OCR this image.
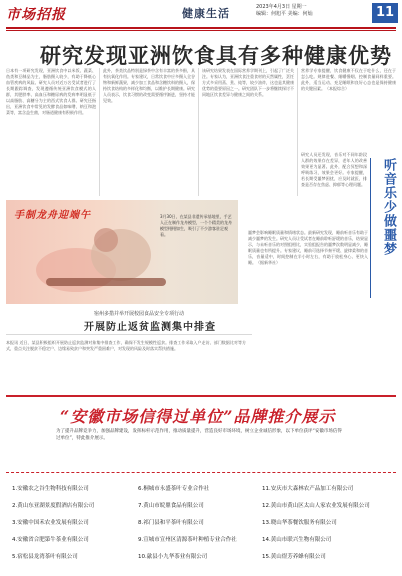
市场招报	健康生活	2023年4月3日 星期一
编辑：何旭平 美编：何灿	11
研究发现亚洲饮食具有多种健康优势
日本有一项研究发现，亚洲饮食中以米饭、蔬菜、鱼类和豆制品为主，脂肪摄入较少，有助于降低心血管疾病的风险。研究人员对近万名受试者进行了长期跟踪调查，发现遵循传统亚洲饮食模式的人群，其肥胖率、高血压和糖尿病的发病率明显低于以高脂肪、高糖分为主的西式饮食人群。研究还指出，亚洲饮食中常见的发酵食品如味噌、纳豆和泡菜等，富含益生菌，对肠道健康有积极作用。
此外，茶类饮品特别是绿茶中含有丰富的茶多酚，具有抗氧化作用。专家建议，日常饮食中应多摄入全谷物和新鲜蔬果，减少加工食品和含糖饮料的摄入，保持饮食结构的多样化和均衡，以维护长期健康。研究人员表示，饮食习惯的改变需要循序渐进，坚持才能见效。
该研究结果发表在国际营养学期刊上，引起了广泛关注。专家认为，亚洲饮食注重食材的天然属性，烹饪方式多采用蒸、煮、炖等，较少油炸，这也是其健康优势的重要原因之一。研究团队下一步将继续探讨不同地区饮食差异与健康之间的关系。
营养学专家提醒，饮食健康不仅在于吃什么，还在于怎么吃。规律进餐、细嚼慢咽、控制食量同样重要。此外，适当运动、充足睡眠和良好心态也是保持健康的关键因素。（本报综合）
手制龙舟迎端午	3月30日，在某县非遗传承基地里，手艺人正在制作龙舟模型，一个个精美的龙舟模型栩栩如生，吸引了不少游客驻足观看。
研究人员还发现，音乐对不同年龄段人群的效果存在差异，老年人的改善效果更为显著。此外，配合冥想和深呼吸练习，效果会更好。专家提醒，若长期受噩梦困扰，应及时就医，排查是否存在焦虑、抑郁等心理问题。	听音乐少做噩梦
噩梦会影响睡眠质量和情绪状态。最新研究发现，睡前听音乐有助于减少噩梦的发生。研究人员让受试者在睡前聆听舒缓的音乐，结果显示，与未听音乐的对照组相比，实验组报告的噩梦次数明显减少，睡眠质量也有所提升。专家建议，睡前可选择节奏平缓、旋律柔和的音乐，音量适中，时间控制在半小时左右，有助于放松身心、更快入睡。（据新华社）
宿州多措并举开展校园食品安全专项行动
开展防止返贫监测集中排查
本报讯 近日，某县积极组织开展防止返贫监测对象集中排查工作，确保不发生规模性返贫。排查工作采取入户走访、部门数据比对等方式，重点关注脱贫不稳定户、边缘易致贫户和突发严重困难户，对发现的风险及时落实帮扶措施。
“安徽市场信得过单位”品牌推介展示
为了提升品牌竞争力，加强品牌建设，发挥标杆示范作用，推动质量提升，营造良好市场环境，树立企业诚信形象，以下单位获评“安徽市场信得过单位”，特此推介展示。
1.安徽农之谷生物科技有限公司
2.黄山东亚湖景度假酒店有限公司
3.安徽中国禾农业发展有限公司
4.安徽省合肥第牛茶业有限公司
5.宿松县龙湾茶叶有限公司
6.桐城市永盛茶叶专业合作社
7.黄山市皖鼎食品有限公司
8.祁门县和平茶叶有限公司
9.宣城市宣州区清源茶叶种植专业合作社
10.歙县小九华茶业有限公司
11.安庆市大森林农产品加工有限公司
12.黄山市黄山区太山人家农业发展有限公司
13.晓山华茶餐饮服务有限公司
14.黄山市联兴生物有限公司
15.黄山煜芳养蜂有限公司
